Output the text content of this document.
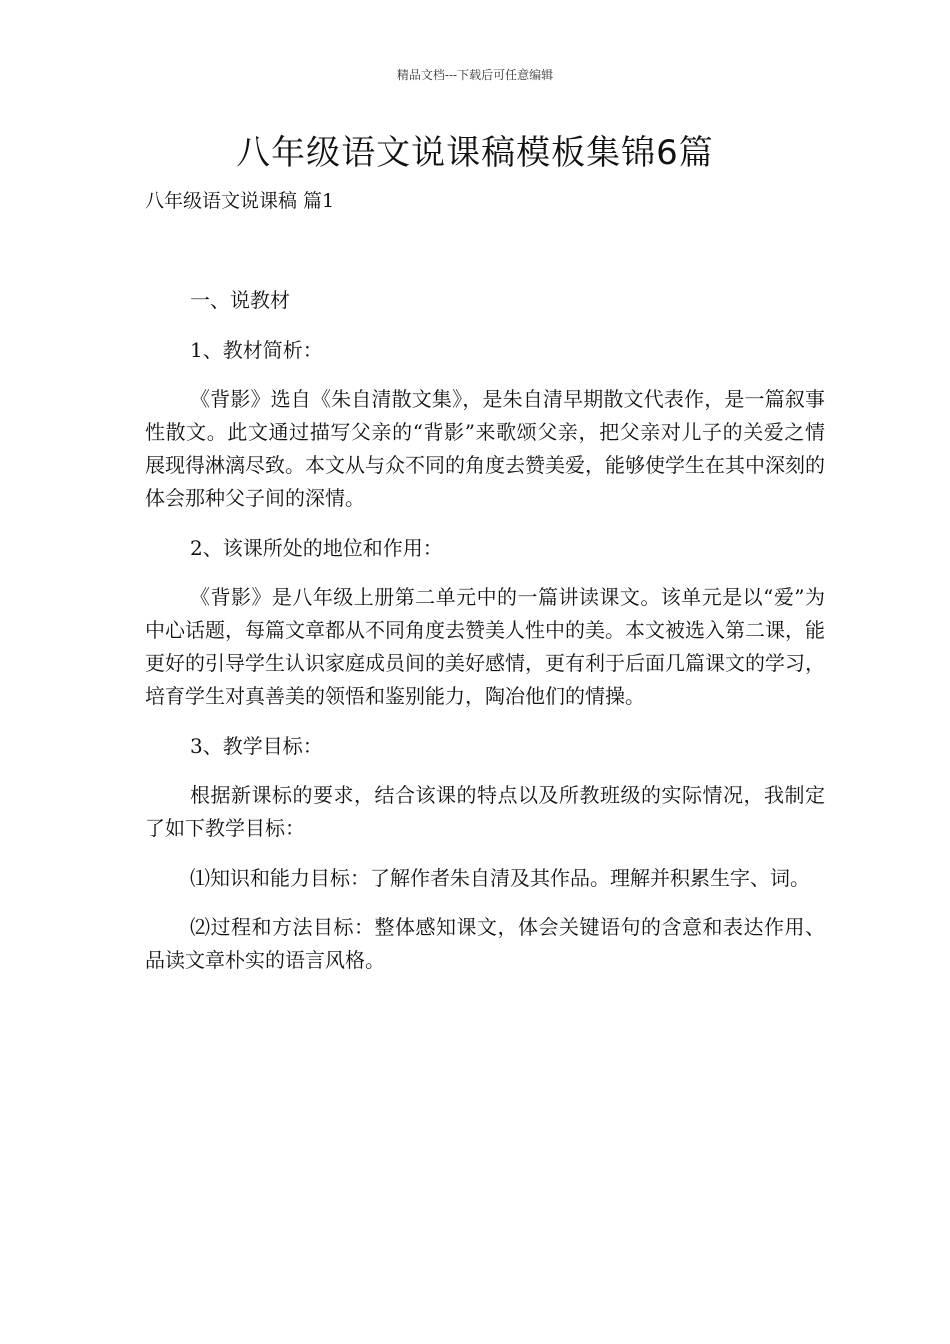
精品文档---下载后可任意编辑
八年级语文说课稿模板集锦6篇
八年级语文说课稿 篇1

一、说教材

1、教材简析：

《背影》选自《朱自清散文集》，是朱自清早期散文代表作，是一篇叙事性散文。此文通过描写父亲的“背影”来歌颂父亲，把父亲对儿子的关爱之情展现得淋漓尽致。本文从与众不同的角度去赞美爱，能够使学生在其中深刻的体会那种父子间的深情。

2、该课所处的地位和作用：

《背影》是八年级上册第二单元中的一篇讲读课文。该单元是以“爱”为中心话题，每篇文章都从不同角度去赞美人性中的美。本文被选入第二课，能更好的引导学生认识家庭成员间的美好感情，更有利于后面几篇课文的学习，培育学生对真善美的领悟和鉴别能力，陶冶他们的情操。

3、教学目标：

根据新课标的要求，结合该课的特点以及所教班级的实际情况，我制定了如下教学目标：

⑴知识和能力目标：了解作者朱自清及其作品。理解并积累生字、词。

⑵过程和方法目标：整体感知课文，体会关键语句的含意和表达作用、品读文章朴实的语言风格。
